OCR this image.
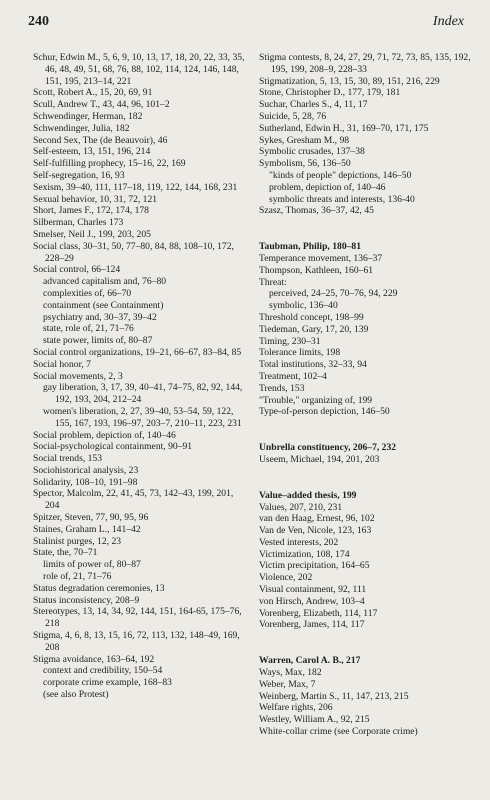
240	Index
Schur, Edwin M., 5, 6, 9, 10, 13, 17, 18, 20, 22, 33, 35, 46, 48, 49, 51, 68, 76, 88, 102, 114, 124, 146, 148, 151, 195, 213–14, 221
Scott, Robert A., 15, 20, 69, 91
Scull, Andrew T., 43, 44, 96, 101–2
Schwendinger, Herman, 182
Schwendinger, Julia, 182
Second Sex, The (de Beauvoir), 46
Self-esteem, 13, 151, 196, 214
Self-fulfilling prophecy, 15–16, 22, 169
Self-segregation, 16, 93
Sexism, 39–40, 111, 117–18, 119, 122, 144, 168, 231
Sexual behavior, 10, 31, 72, 121
Short, James F., 172, 174, 178
Silberman, Charles 173
Smelser, Neil J., 199, 203, 205
Social class, 30–31, 50, 77–80, 84, 88, 108–10, 172, 228–29
Social control, 66–124
advanced capitalism and, 76–80
complexities of, 66–70
containment (see Containment)
psychiatry and, 30–37, 39–42
state, role of, 21, 71–76
state power, limits of, 80–87
Social control organizations, 19–21, 66–67, 83–84, 85
Social honor, 7
Social movements, 2, 3
gay liberation, 3, 17, 39, 40–41, 74–75, 82, 92, 144, 192, 193, 204, 212–24
women's liberation, 2, 27, 39–40, 53–54, 59, 122, 155, 167, 193, 196–97, 203–7, 210–11, 223, 231
Social problem, depiction of, 140–46
Social-psychological containment, 90–91
Social trends, 153
Sociohistorical analysis, 23
Solidarity, 108–10, 191–98
Spector, Malcolm, 22, 41, 45, 73, 142–43, 199, 201, 204
Spitzer, Steven, 77, 90, 95, 96
Staines, Graham L., 141–42
Stalinist purges, 12, 23
State, the, 70–71
limits of power of, 80–87
role of, 21, 71–76
Status degradation ceremonies, 13
Status inconsistency, 208–9
Stereotypes, 13, 14, 34, 92, 144, 151, 164-65, 175–76, 218
Stigma, 4, 6, 8, 13, 15, 16, 72, 113, 132, 148–49, 169, 208
Stigma avoidance, 163–64, 192
context and credibility, 150–54
corporate crime example, 168–83
(see also Protest)
Stigma contests, 8, 24, 27, 29, 71, 72, 73, 85, 135, 192, 195, 199, 208–9, 228–33
Stigmatization, 5, 13, 15, 30, 89, 151, 216, 229
Stone, Christopher D., 177, 179, 181
Suchar, Charles S., 4, 11, 17
Suicide, 5, 28, 76
Sutherland, Edwin H., 31, 169–70, 171, 175
Sykes, Gresham M., 98
Symbolic crusades, 137–38
Symbolism, 56, 136–50
"kinds of people" depictions, 146–50
problem, depiction of, 140–46
symbolic threats and interests, 136-40
Szasz, Thomas, 36–37, 42, 45
Taubman, Philip, 180–81
Temperance movement, 136–37
Thompson, Kathleen, 160–61
Threat:
perceived, 24–25, 70–76, 94, 229
symbolic, 136–40
Threshold concept, 198–99
Tiedeman, Gary, 17, 20, 139
Timing, 230–31
Tolerance limits, 198
Total institutions, 32–33, 94
Treatment, 102–4
Trends, 153
"Trouble," organizing of, 199
Type-of-person depiction, 146–50
Unbrella constituency, 206–7, 232
Useem, Michael, 194, 201, 203
Value–added thesis, 199
Values, 207, 210, 231
van den Haag, Ernest, 96, 102
Van de Ven, Nicole, 123, 163
Vested interests, 202
Victimization, 108, 174
Victim precipitation, 164–65
Violence, 202
Visual containment, 92, 111
von Hirsch, Andrew, 103–4
Vorenberg, Elizabeth, 114, 117
Vorenberg, James, 114, 117
Warren, Carol A. B., 217
Ways, Max, 182
Weber, Max, 7
Weinberg, Martin S., 11, 147, 213, 215
Welfare rights, 206
Westley, William A., 92, 215
White-collar crime (see Corporate crime)
